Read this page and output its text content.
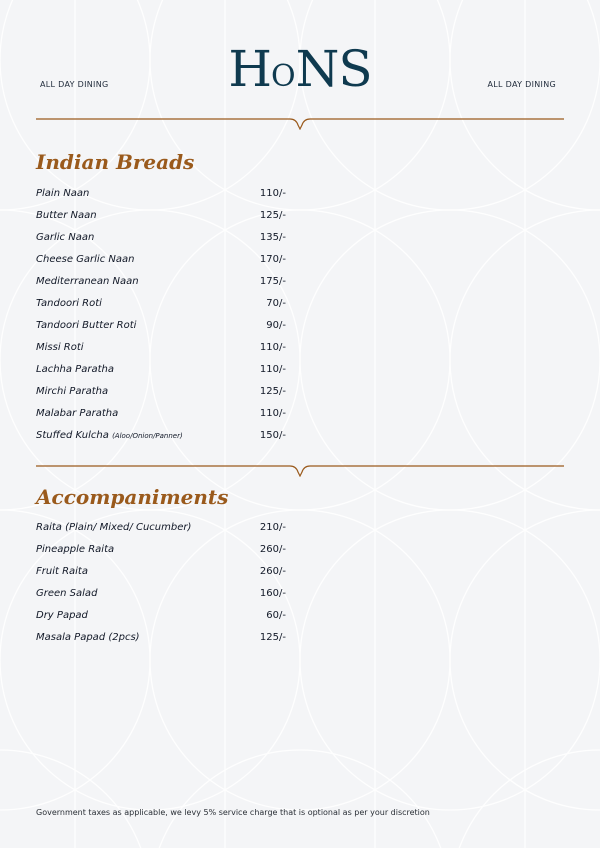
ALL DAY DINING	HONS	ALL DAY DINING
Indian Breads
Plain Naan	110/-
Butter Naan	125/-
Garlic Naan	135/-
Cheese Garlic Naan	170/-
Mediterranean Naan	175/-
Tandoori Roti	70/-
Tandoori Butter Roti	90/-
Missi Roti	110/-
Lachha Paratha	110/-
Mirchi Paratha	125/-
Malabar Paratha	110/-
Stuffed Kulcha (Aloo/Onion/Panner)	150/-
Accompaniments
Raita (Plain/ Mixed/ Cucumber)	210/-
Pineapple Raita	260/-
Fruit Raita	260/-
Green Salad	160/-
Dry Papad	60/-
Masala Papad (2pcs)	125/-
Government taxes as applicable, we levy 5% service charge that is optional as per your discretion
